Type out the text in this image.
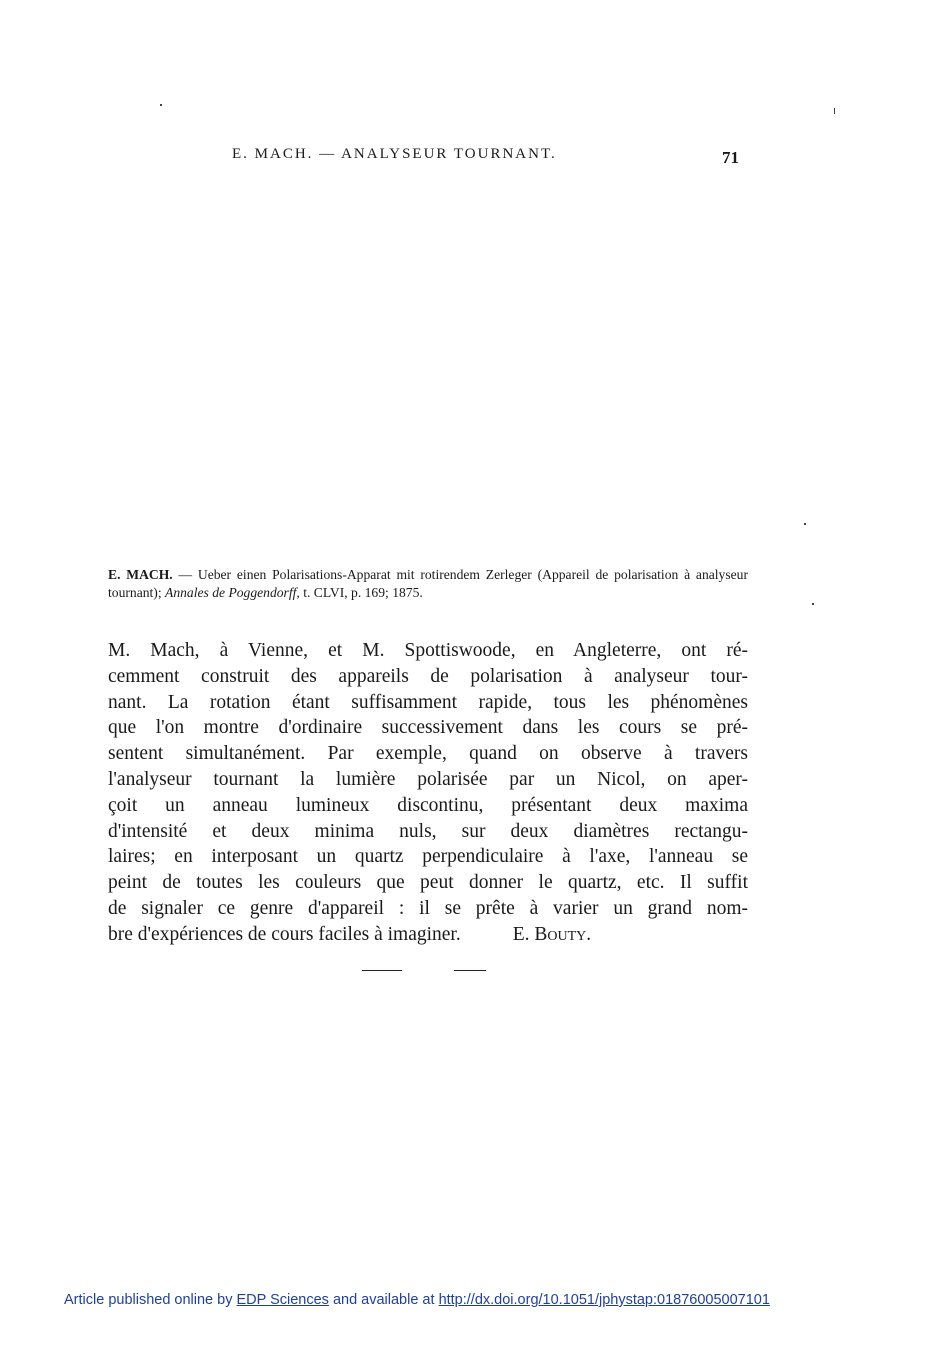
E. MACH. — ANALYSEUR TOURNANT.	71
E. MACH. — Ueber einen Polarisations-Apparat mit rotirendem Zerleger (Appareil de polarisation à analyseur tournant); Annales de Poggendorff, t. CLVI, p. 169; 1875.
M. Mach, à Vienne, et M. Spottiswoode, en Angleterre, ont ré-
cemment construit des appareils de polarisation à analyseur tour-
nant. La rotation étant suffisamment rapide, tous les phénomènes
que l'on montre d'ordinaire successivement dans les cours se pré-
sentent simultanément. Par exemple, quand on observe à travers
l'analyseur tournant la lumière polarisée par un Nicol, on aper-
çoit un anneau lumineux discontinu, présentant deux maxima
d'intensité et deux minima nuls, sur deux diamètres rectangu-
laires; en interposant un quartz perpendiculaire à l'axe, l'anneau se
peint de toutes les couleurs que peut donner le quartz, etc. Il suffit
de signaler ce genre d'appareil : il se prête à varier un grand nom-
bre d'expériences de cours faciles à imaginer.	E. Bouty.
Article published online by EDP Sciences and available at http://dx.doi.org/10.1051/jphystap:01876005007101
